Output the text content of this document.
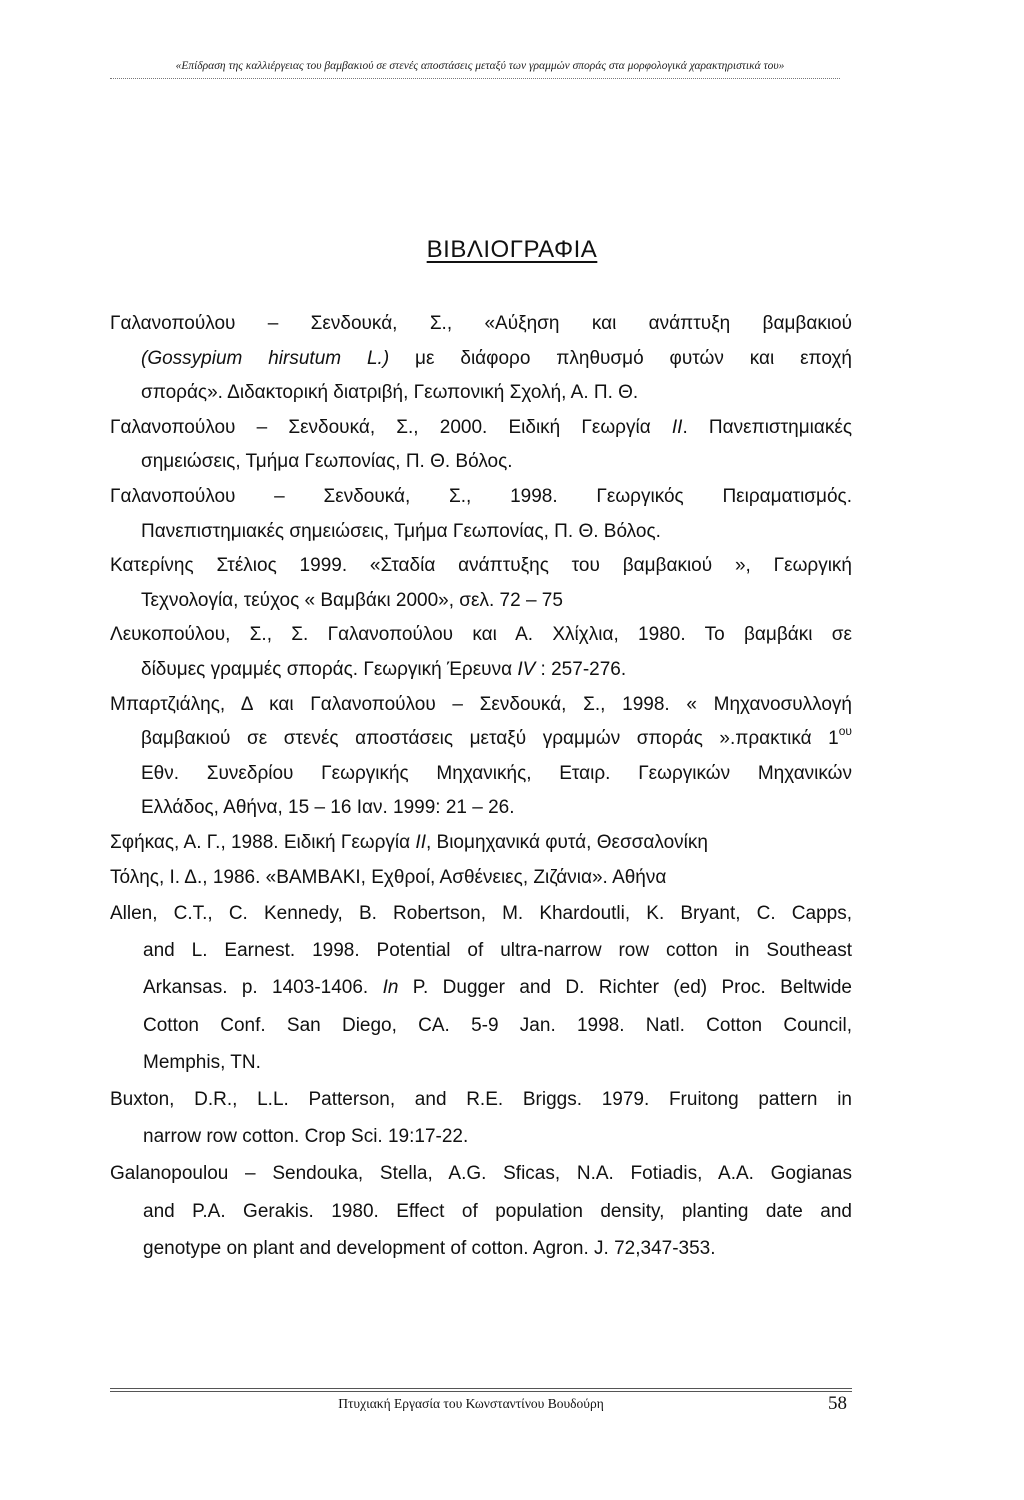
«Επίδραση της καλλιέργειας του βαμβακιού σε στενές αποστάσεις μεταξύ των γραμμών σποράς στα μορφολογικά χαρακτηριστικά του»
ΒΙΒΛΙΟΓΡΑΦΙΑ
Γαλανοπούλου – Σενδουκά, Σ., «Αύξηση και ανάπτυξη βαμβακιού
(Gossypium hirsutum L.) με διάφορο πληθυσμό φυτών και εποχή
σποράς». Διδακτορική διατριβή, Γεωπονική Σχολή, Α. Π. Θ.
Γαλανοπούλου – Σενδουκά, Σ., 2000. Ειδική Γεωργία ΙΙ. Πανεπιστημιακές
σημειώσεις, Τμήμα Γεωπονίας, Π. Θ. Βόλος.
Γαλανοπούλου – Σενδουκά, Σ., 1998. Γεωργικός Πειραματισμός.
Πανεπιστημιακές σημειώσεις, Τμήμα Γεωπονίας, Π. Θ. Βόλος.
Κατερίνης Στέλιος 1999. «Σταδία ανάπτυξης του βαμβακιού », Γεωργική
Τεχνολογία, τεύχος « Βαμβάκι 2000», σελ. 72 – 75
Λευκοπούλου, Σ., Σ. Γαλανοπούλου και Α. Χλίχλια, 1980. Το βαμβάκι σε
δίδυμες γραμμές σποράς. Γεωργική Έρευνα IV : 257-276.
Μπαρτζιάλης, Δ και Γαλανοπούλου – Σενδουκά, Σ., 1998. « Μηχανοσυλλογή
βαμβακιού σε στενές αποστάσεις μεταξύ γραμμών σποράς ».πρακτικά $1^{o\upsilon}$
Εθν. Συνεδρίου Γεωργικής Μηχανικής, Εταιρ. Γεωργικών Μηχανικών
Ελλάδος, Αθήνα, 15 – 16 Ιαν. 1999: 21 – 26.
Σφήκας, Α. Γ., 1988. Ειδική Γεωργία ΙΙ, Βιομηχανικά φυτά, Θεσσαλονίκη
Τόλης, Ι. Δ., 1986. «ΒΑΜΒΑΚΙ, Εχθροί, Ασθένειες, Ζιζάνια». Αθήνα
Allen, C.T., C. Kennedy, B. Robertson, M. Khardoutli, K. Bryant, C. Capps,
and L. Earnest. 1998. Potential of ultra-narrow row cotton in Southeast
Arkansas. p. 1403-1406. In P. Dugger and D. Richter (ed) Proc. Beltwide
Cotton Conf. San Diego, CA. 5-9 Jan. 1998. Natl. Cotton Council,
Memphis, TN.
Buxton, D.R., L.L. Patterson, and R.E. Briggs. 1979. Fruitong pattern in
narrow row cotton. Crop Sci. 19:17-22.
Galanopoulou – Sendouka, Stella, A.G. Sficas, N.A. Fotiadis, A.A. Gogianas
and P.A. Gerakis. 1980. Effect of population density, planting date and
genotype on plant and development of cotton. Agron. J. 72,347-353.
Πτυχιακή Εργασία του Κωνσταντίνου Βουδούρη	58
